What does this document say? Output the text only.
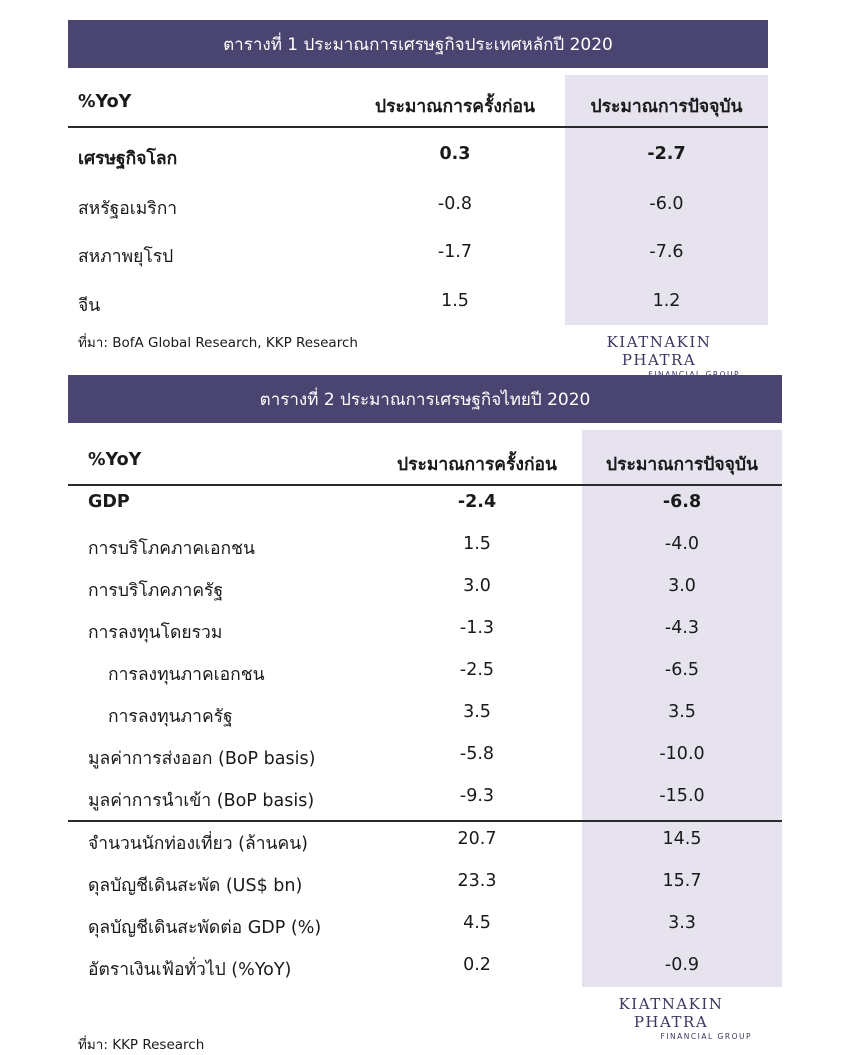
ตารางที่ 1 ประมาณการเศรษฐกิจประเทศหลักปี 2020
%YoY	ประมาณการครั้งก่อน	ประมาณการปัจจุบัน
เศรษฐกิจโลก	0.3	-2.7
สหรัฐอเมริกา	-0.8	-6.0
สหภาพยุโรป	-1.7	-7.6
จีน	1.5	1.2
ที่มา: BofA Global Research, KKP Research	KIATNAKIN PHATRA
ตารางที่ 2 ประมาณการเศรษฐกิจไทยปี 2020
%YoY	ประมาณการครั้งก่อน	ประมาณการปัจจุบัน
GDP	-2.4	-6.8
การบริโภคภาคเอกชน	1.5	-4.0
การบริโภคภาครัฐ	3.0	3.0
การลงทุนโดยรวม	-1.3	-4.3
การลงทุนภาคเอกชน	-2.5	-6.5
การลงทุนภาครัฐ	3.5	3.5
มูลค่าการส่งออก (BoP basis)	-5.8	-10.0
มูลค่าการนำเข้า (BoP basis)	-9.3	-15.0
จำนวนนักท่องเที่ยว (ล้านคน)	20.7	14.5
ดุลบัญชีเดินสะพัด (US$ bn)	23.3	15.7
ดุลบัญชีเดินสะพัดต่อ GDP (%)	4.5	3.3
อัตราเงินเฟ้อทั่วไป (%YoY)	0.2	-0.9
KIATNAKIN PHATRA
FINANCIAL GROUP
ที่มา: KKP Research
